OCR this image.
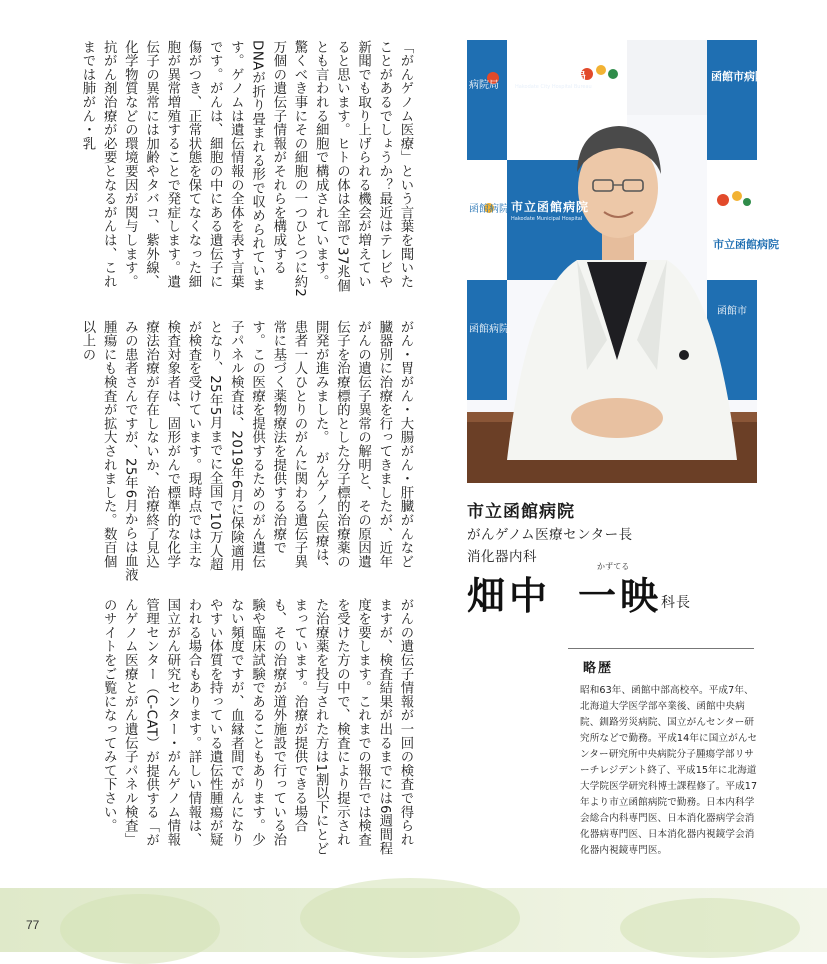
「がんゲノム医療」という言葉を聞いたことがあるでしょうか？最近はテレビや新聞でも取り上げられる機会が増えていると思います。ヒトの体は全部で37兆個とも言われる細胞で構成されています。驚くべき事にその細胞の一つひとつに約2万個の遺伝子情報がそれらを構成するDNAが折り畳まれる形で収められています。ゲノムは遺伝情報の全体を表す言葉です。がんは、細胞の中にある遺伝子に傷がつき、正常状態を保てなくなった細胞が異常増殖することで発症します。遺伝子の異常には加齢やタバコ、紫外線、化学物質などの環境要因が関与します。抗がん剤治療が必要となるがんは、これまでは肺がん・乳
がん・胃がん・大腸がん・肝臓がんなど臓器別に治療を行ってきましたが、近年がんの遺伝子異常の解明と、その原因遺伝子を治療標的とした分子標的治療薬の開発が進みました。　がんゲノム医療は、患者一人ひとりのがんに関わる遺伝子異常に基づく薬物療法を提供する治療です。この医療を提供するためのがん遺伝子パネル検査は、2019年6月に保険適用となり、25年5月までに全国で10万人超が検査を受けています。現時点では主な検査対象者は、固形がんで標準的な化学療法治療が存在しないか、治療終了見込みの患者さんですが、25年6月からは血液腫瘍にも検査が拡大されました。数百個以上の
がんの遺伝子情報が一回の検査で得られますが、検査結果が出るまでには6週間程度を要します。これまでの報告では検査を受けた方の中で、検査により提示された治療薬を投与された方は1割以下にとどまっています。治療が提供できる場合も、その治療が道外施設で行っている治験や臨床試験であることもあります。少ない頻度ですが、血縁者間でがんになりやすい体質を持っている遺伝性腫瘍が疑われる場合もあります。詳しい情報は、国立がん研究センター・がんゲノム情報管理センター（C-CAT）が提供する「がんゲノム医療とがん遺伝子パネル検査」のサイトをご覧になってみて下さい。
函館市病院局
Hakodate City Hospital Bureau
函館市病院局
市立函館病院
Hakodate Municipal Hospital
市立函館病院
病院局
函館病院
函館市
函館病院
市立函館病院
がんゲノム医療センター長
消化器内科
畑中
かずてる
一映
科長
略歴
昭和63年、函館中部高校卒。平成7年、北海道大学医学部卒業後、函館中央病院、釧路労災病院、国立がんセンター研究所などで勤務。平成14年に国立がんセンター研究所中央病院分子腫瘍学部リサーチレジデント終了、平成15年に北海道大学院医学研究科博士課程修了。平成17年より市立函館病院で勤務。日本内科学会総合内科専門医、日本消化器病学会消化器病専門医、日本消化器内視鏡学会消化器内視鏡専門医。
77
